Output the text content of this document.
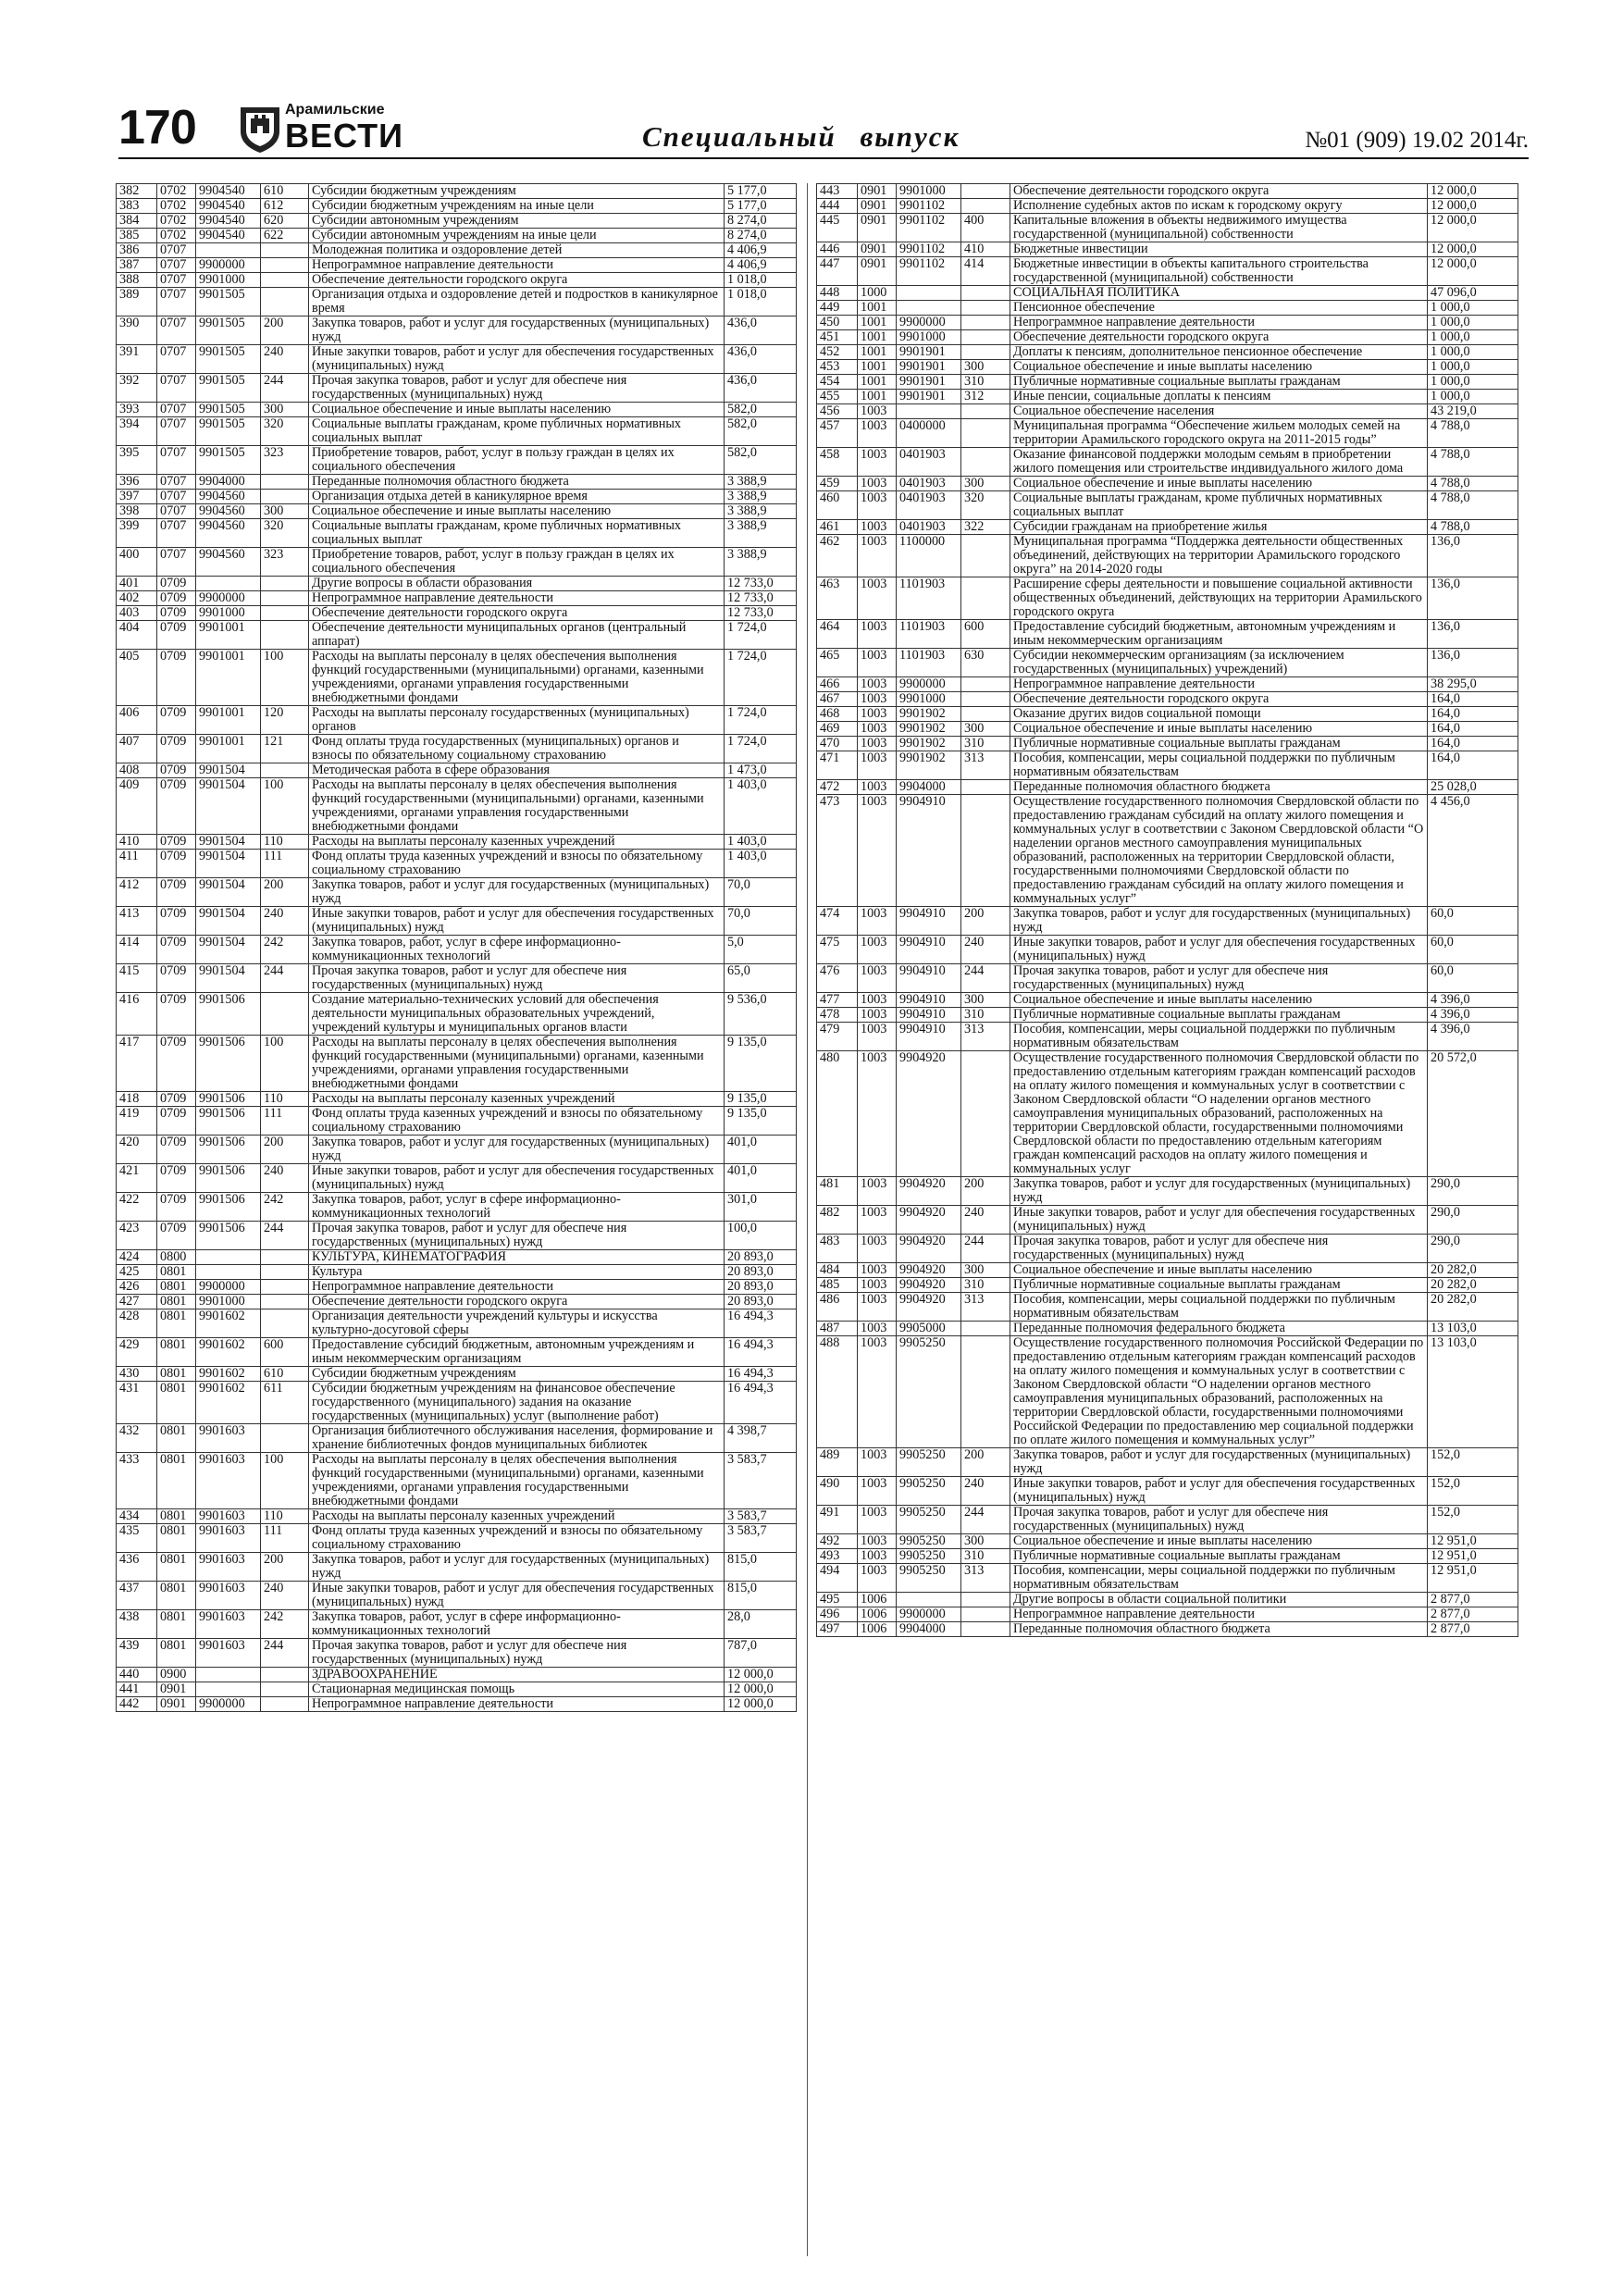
170	Арамильские
ВЕСТИ	Специальный выпуск	№01 (909) 19.02 2014г.
382	0702	9904540	610	Субсидии бюджетным учреждениям	5 177,0
383	0702	9904540	612	Субсидии бюджетным учреждениям на иные цели	5 177,0
384	0702	9904540	620	Субсидии автономным учреждениям	8 274,0
385	0702	9904540	622	Субсидии автономным учреждениям на иные цели	8 274,0
386	0707			Молодежная политика и оздоровление детей	4 406,9
387	0707	9900000		Непрограммное направление деятельности	4 406,9
388	0707	9901000		Обеспечение деятельности городского округа	1 018,0
389	0707	9901505		Организация отдыха и оздоровление детей и подростков в каникулярное время	1 018,0
390	0707	9901505	200	Закупка товаров, работ и услуг для государственных (муниципальных) нужд	436,0
391	0707	9901505	240	Иные закупки товаров, работ и услуг для обеспечения государственных (муниципальных) нужд	436,0
392	0707	9901505	244	Прочая закупка товаров, работ и услуг для обеспече ния государственных (муниципальных) нужд	436,0
393	0707	9901505	300	Социальное обеспечение и иные выплаты населению	582,0
394	0707	9901505	320	Социальные выплаты гражданам, кроме публичных нормативных социальных выплат	582,0
395	0707	9901505	323	Приобретение товаров, работ, услуг в пользу граждан в целях их социального обеспечения	582,0
396	0707	9904000		Переданные полномочия областного бюджета	3 388,9
397	0707	9904560		Организация отдыха детей в каникулярное время	3 388,9
398	0707	9904560	300	Социальное обеспечение и иные выплаты населению	3 388,9
399	0707	9904560	320	Социальные выплаты гражданам, кроме публичных нормативных социальных выплат	3 388,9
400	0707	9904560	323	Приобретение товаров, работ, услуг в пользу граждан в целях их социального обеспечения	3 388,9
401	0709			Другие вопросы в области образования	12 733,0
402	0709	9900000		Непрограммное направление деятельности	12 733,0
403	0709	9901000		Обеспечение деятельности городского округа	12 733,0
404	0709	9901001		Обеспечение деятельности муниципальных органов (центральный аппарат)	1 724,0
405	0709	9901001	100	Расходы на выплаты персоналу в целях обеспечения выполнения функций государственными (муниципальными) органами, казенными учреждениями, органами управления государственными внебюджетными фондами	1 724,0
406	0709	9901001	120	Расходы на выплаты персоналу государственных (муниципальных) органов	1 724,0
407	0709	9901001	121	Фонд оплаты труда государственных (муниципальных) органов и взносы по обязательному социальному страхованию	1 724,0
408	0709	9901504		Методическая работа в сфере образования	1 473,0
409	0709	9901504	100	Расходы на выплаты персоналу в целях обеспечения выполнения функций государственными (муниципальными) органами, казенными учреждениями, органами управления государственными внебюджетными фондами	1 403,0
410	0709	9901504	110	Расходы на выплаты персоналу казенных учреждений	1 403,0
411	0709	9901504	111	Фонд оплаты труда казенных учреждений и взносы по обязательному социальному страхованию	1 403,0
412	0709	9901504	200	Закупка товаров, работ и услуг для государственных (муниципальных) нужд	70,0
413	0709	9901504	240	Иные закупки товаров, работ и услуг для обеспечения государственных (муниципальных) нужд	70,0
414	0709	9901504	242	Закупка товаров, работ, услуг в сфере информационно-коммуникационных технологий	5,0
415	0709	9901504	244	Прочая закупка товаров, работ и услуг для обеспече ния государственных (муниципальных) нужд	65,0
416	0709	9901506		Создание материально-технических условий для обеспечения деятельности муниципальных образовательных учреждений, учреждений культуры и муниципальных органов власти	9 536,0
417	0709	9901506	100	Расходы на выплаты персоналу в целях обеспечения выполнения функций государственными (муниципальными) органами, казенными учреждениями, органами управления государственными внебюджетными фондами	9 135,0
418	0709	9901506	110	Расходы на выплаты персоналу казенных учреждений	9 135,0
419	0709	9901506	111	Фонд оплаты труда казенных учреждений и взносы по обязательному социальному страхованию	9 135,0
420	0709	9901506	200	Закупка товаров, работ и услуг для государственных (муниципальных) нужд	401,0
421	0709	9901506	240	Иные закупки товаров, работ и услуг для обеспечения государственных (муниципальных) нужд	401,0
422	0709	9901506	242	Закупка товаров, работ, услуг в сфере информационно-коммуникационных технологий	301,0
423	0709	9901506	244	Прочая закупка товаров, работ и услуг для обеспече ния государственных (муниципальных) нужд	100,0
424	0800			КУЛЬТУРА, КИНЕМАТОГРАФИЯ	20 893,0
425	0801			Культура	20 893,0
426	0801	9900000		Непрограммное направление деятельности	20 893,0
427	0801	9901000		Обеспечение деятельности городского округа	20 893,0
428	0801	9901602		Организация деятельности учреждений культуры и искусства культурно-досуговой сферы	16 494,3
429	0801	9901602	600	Предоставление субсидий бюджетным, автономным учреждениям и иным некоммерческим организациям	16 494,3
430	0801	9901602	610	Субсидии бюджетным учреждениям	16 494,3
431	0801	9901602	611	Субсидии бюджетным учреждениям на финансовое обеспечение государственного (муниципального) задания на оказание государственных (муниципальных) услуг (выполнение работ)	16 494,3
432	0801	9901603		Организация библиотечного обслуживания населения, формирование и хранение библиотечных фондов муниципальных библиотек	4 398,7
433	0801	9901603	100	Расходы на выплаты персоналу в целях обеспечения выполнения функций государственными (муниципальными) органами, казенными учреждениями, органами управления государственными внебюджетными фондами	3 583,7
434	0801	9901603	110	Расходы на выплаты персоналу казенных учреждений	3 583,7
435	0801	9901603	111	Фонд оплаты труда казенных учреждений и взносы по обязательному социальному страхованию	3 583,7
436	0801	9901603	200	Закупка товаров, работ и услуг для государственных (муниципальных) нужд	815,0
437	0801	9901603	240	Иные закупки товаров, работ и услуг для обеспечения государственных (муниципальных) нужд	815,0
438	0801	9901603	242	Закупка товаров, работ, услуг в сфере информационно-коммуникационных технологий	28,0
439	0801	9901603	244	Прочая закупка товаров, работ и услуг для обеспече ния государственных (муниципальных) нужд	787,0
440	0900			ЗДРАВООХРАНЕНИЕ	12 000,0
441	0901			Стационарная медицинская помощь	12 000,0
442	0901	9900000		Непрограммное направление деятельности	12 000,0
443	0901	9901000		Обеспечение деятельности городского округа	12 000,0
444	0901	9901102		Исполнение судебных актов по искам к городскому округу	12 000,0
445	0901	9901102	400	Капитальные вложения в объекты недвижимого имущества государственной (муниципальной) собственности	12 000,0
446	0901	9901102	410	Бюджетные инвестиции	12 000,0
447	0901	9901102	414	Бюджетные инвестиции в объекты капитального строительства государственной (муниципальной) собственности	12 000,0
448	1000			СОЦИАЛЬНАЯ ПОЛИТИКА	47 096,0
449	1001			Пенсионное обеспечение	1 000,0
450	1001	9900000		Непрограммное направление деятельности	1 000,0
451	1001	9901000		Обеспечение деятельности городского округа	1 000,0
452	1001	9901901		Доплаты к пенсиям, дополнительное пенсионное обеспечение	1 000,0
453	1001	9901901	300	Социальное обеспечение и иные выплаты населению	1 000,0
454	1001	9901901	310	Публичные нормативные социальные выплаты гражданам	1 000,0
455	1001	9901901	312	Иные пенсии, социальные доплаты к пенсиям	1 000,0
456	1003			Социальное обеспечение населения	43 219,0
457	1003	0400000		Муниципальная программа “Обеспечение жильем молодых семей на территории Арамильского городского округа на 2011-2015 годы”	4 788,0
458	1003	0401903		Оказание финансовой поддержки молодым семьям в приобретении жилого помещения или строительстве индивидуального жилого дома	4 788,0
459	1003	0401903	300	Социальное обеспечение и иные выплаты населению	4 788,0
460	1003	0401903	320	Социальные выплаты гражданам, кроме публичных нормативных социальных выплат	4 788,0
461	1003	0401903	322	Субсидии гражданам на приобретение жилья	4 788,0
462	1003	1100000		Муниципальная программа “Поддержка деятельности общественных объединений, действующих на территории Арамильского городского округа” на 2014-2020 годы	136,0
463	1003	1101903		Расширение сферы деятельности и повышение социальной активности общественных объединений, действующих на территории Арамильского городского округа	136,0
464	1003	1101903	600	Предоставление субсидий бюджетным, автономным учреждениям и иным некоммерческим организациям	136,0
465	1003	1101903	630	Субсидии некоммерческим организациям (за исключением государственных (муниципальных) учреждений)	136,0
466	1003	9900000		Непрограммное направление деятельности	38 295,0
467	1003	9901000		Обеспечение деятельности городского округа	164,0
468	1003	9901902		Оказание других видов социальной помощи	164,0
469	1003	9901902	300	Социальное обеспечение и иные выплаты населению	164,0
470	1003	9901902	310	Публичные нормативные социальные выплаты гражданам	164,0
471	1003	9901902	313	Пособия, компенсации, меры социальной поддержки по публичным нормативным обязательствам	164,0
472	1003	9904000		Переданные полномочия областного бюджета	25 028,0
473	1003	9904910		Осуществление государственного полномочия Свердловской области по предоставлению гражданам субсидий на оплату жилого помещения и коммунальных услуг в соответствии с Законом Свердловской области “О наделении органов местного самоуправления муниципальных образований, расположенных на территории Свердловской области, государственными полномочиями Свердловской области по предоставлению гражданам субсидий на оплату жилого помещения и коммунальных услуг”	4 456,0
474	1003	9904910	200	Закупка товаров, работ и услуг для государственных (муниципальных) нужд	60,0
475	1003	9904910	240	Иные закупки товаров, работ и услуг для обеспечения государственных (муниципальных) нужд	60,0
476	1003	9904910	244	Прочая закупка товаров, работ и услуг для обеспече ния государственных (муниципальных) нужд	60,0
477	1003	9904910	300	Социальное обеспечение и иные выплаты населению	4 396,0
478	1003	9904910	310	Публичные нормативные социальные выплаты гражданам	4 396,0
479	1003	9904910	313	Пособия, компенсации, меры социальной поддержки по публичным нормативным обязательствам	4 396,0
480	1003	9904920		Осуществление государственного полномочия Свердловской области по предоставлению отдельным категориям граждан компенсаций расходов на оплату жилого помещения и коммунальных услуг в соответствии с Законом Свердловской области “О наделении органов местного самоуправления муниципальных образований, расположенных на территории Свердловской области, государственными полномочиями Свердловской области по предоставлению отдельным категориям граждан компенсаций расходов на оплату жилого помещения и коммунальных услуг	20 572,0
481	1003	9904920	200	Закупка товаров, работ и услуг для государственных (муниципальных) нужд	290,0
482	1003	9904920	240	Иные закупки товаров, работ и услуг для обеспечения государственных (муниципальных) нужд	290,0
483	1003	9904920	244	Прочая закупка товаров, работ и услуг для обеспече ния государственных (муниципальных) нужд	290,0
484	1003	9904920	300	Социальное обеспечение и иные выплаты населению	20 282,0
485	1003	9904920	310	Публичные нормативные социальные выплаты гражданам	20 282,0
486	1003	9904920	313	Пособия, компенсации, меры социальной поддержки по публичным нормативным обязательствам	20 282,0
487	1003	9905000		Переданные полномочия федерального бюджета	13 103,0
488	1003	9905250		Осуществление государственного полномочия Российской Федерации по предоставлению отдельным категориям граждан компенсаций расходов на оплату жилого помещения и коммунальных услуг в соответствии с Законом Свердловской области “О наделении органов местного самоуправления муниципальных образований, расположенных на территории Свердловской области, государственными полномочиями Российской Федерации по предоставлению мер социальной поддержки по оплате жилого помещения и коммунальных услуг”	13 103,0
489	1003	9905250	200	Закупка товаров, работ и услуг для государственных (муниципальных) нужд	152,0
490	1003	9905250	240	Иные закупки товаров, работ и услуг для обеспечения государственных (муниципальных) нужд	152,0
491	1003	9905250	244	Прочая закупка товаров, работ и услуг для обеспече ния государственных (муниципальных) нужд	152,0
492	1003	9905250	300	Социальное обеспечение и иные выплаты населению	12 951,0
493	1003	9905250	310	Публичные нормативные социальные выплаты гражданам	12 951,0
494	1003	9905250	313	Пособия, компенсации, меры социальной поддержки по публичным нормативным обязательствам	12 951,0
495	1006			Другие вопросы в области социальной политики	2 877,0
496	1006	9900000		Непрограммное направление деятельности	2 877,0
497	1006	9904000		Переданные полномочия областного бюджета	2 877,0
